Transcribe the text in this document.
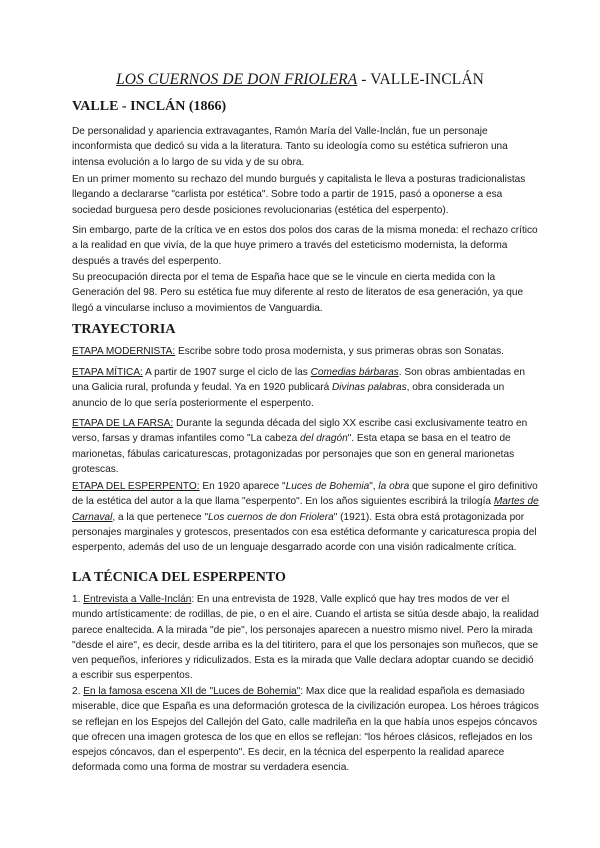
LOS CUERNOS DE DON FRIOLERA - VALLE-INCLÁN
VALLE - INCLÁN (1866)

De personalidad y apariencia extravagantes, Ramón María del Valle-Inclán, fue un personaje inconformista que dedicó su vida a la literatura. Tanto su ideología como su estética sufrieron una intensa evolución a lo largo de su vida y de su obra.

En un primer momento su rechazo del mundo burgués y capitalista le lleva a posturas tradicionalistas llegando a declararse "carlista por estética". Sobre todo a partir de 1915, pasó a oponerse a esa sociedad burguesa pero desde posiciones revolucionarias (estética del esperpento).

Sin embargo, parte de la crítica ve en estos dos polos dos caras de la misma moneda: el rechazo crítico a la realidad en que vivía, de la que huye primero a través del esteticismo modernista, la deforma después a través del esperpento.

Su preocupación directa por el tema de España hace que se le vincule en cierta medida con la Generación del 98. Pero su estética fue muy diferente al resto de literatos de esa generación, ya que llegó a vincularse incluso a movimientos de Vanguardia.

TRAYECTORIA

ETAPA MODERNISTA: Escribe sobre todo prosa modernista, y sus primeras obras son Sonatas.

ETAPA MÍTICA: A partir de 1907 surge el ciclo de las Comedias bárbaras. Son obras ambientadas en una Galicia rural, profunda y feudal. Ya en 1920 publicará Divinas palabras, obra considerada un anuncio de lo que sería posteriormente el esperpento.

ETAPA DE LA FARSA: Durante la segunda década del siglo XX escribe casi exclusivamente teatro en verso, farsas y dramas infantiles como "La cabeza del dragón". Esta etapa se basa en el teatro de marionetas, fábulas caricaturescas, protagonizadas por personajes que son en general marionetas grotescas.

ETAPA DEL ESPERPENTO: En 1920 aparece "Luces de Bohemia", la obra que supone el giro definitivo de la estética del autor a la que llama "esperpento". En los años siguientes escribirá la trilogía Martes de Carnaval, a la que pertenece "Los cuernos de don Friolera" (1921). Esta obra está protagonizada por personajes marginales y grotescos, presentados con esa estética deformante y caricaturesca propia del esperpento, además del uso de un lenguaje desgarrado acorde con una visión radicalmente crítica.

LA TÉCNICA DEL ESPERPENTO

1. Entrevista a Valle-Inclán: En una entrevista de 1928, Valle explicó que hay tres modos de ver el mundo artísticamente: de rodillas, de pie, o en el aire. Cuando el artista se sitúa desde abajo, la realidad parece enaltecida. A la mirada "de pie", los personajes aparecen a nuestro mismo nivel. Pero la mirada "desde el aire", es decir, desde arriba es la del titiritero, para el que los personajes son muñecos, que se ven pequeños, inferiores y ridiculizados. Esta es la mirada que Valle declara adoptar cuando se decidió a escribir sus esperpentos.

2. En la famosa escena XII de "Luces de Bohemia": Max dice que la realidad española es demasiado miserable, dice que España es una deformación grotesca de la civilización europea. Los héroes trágicos se reflejan en los Espejos del Callejón del Gato, calle madrileña en la que había unos espejos cóncavos que ofrecen una imagen grotesca de los que en ellos se reflejan: "los héroes clásicos, reflejados en los espejos cóncavos, dan el esperpento". Es decir, en la técnica del esperpento la realidad aparece deformada como una forma de mostrar su verdadera esencia.
